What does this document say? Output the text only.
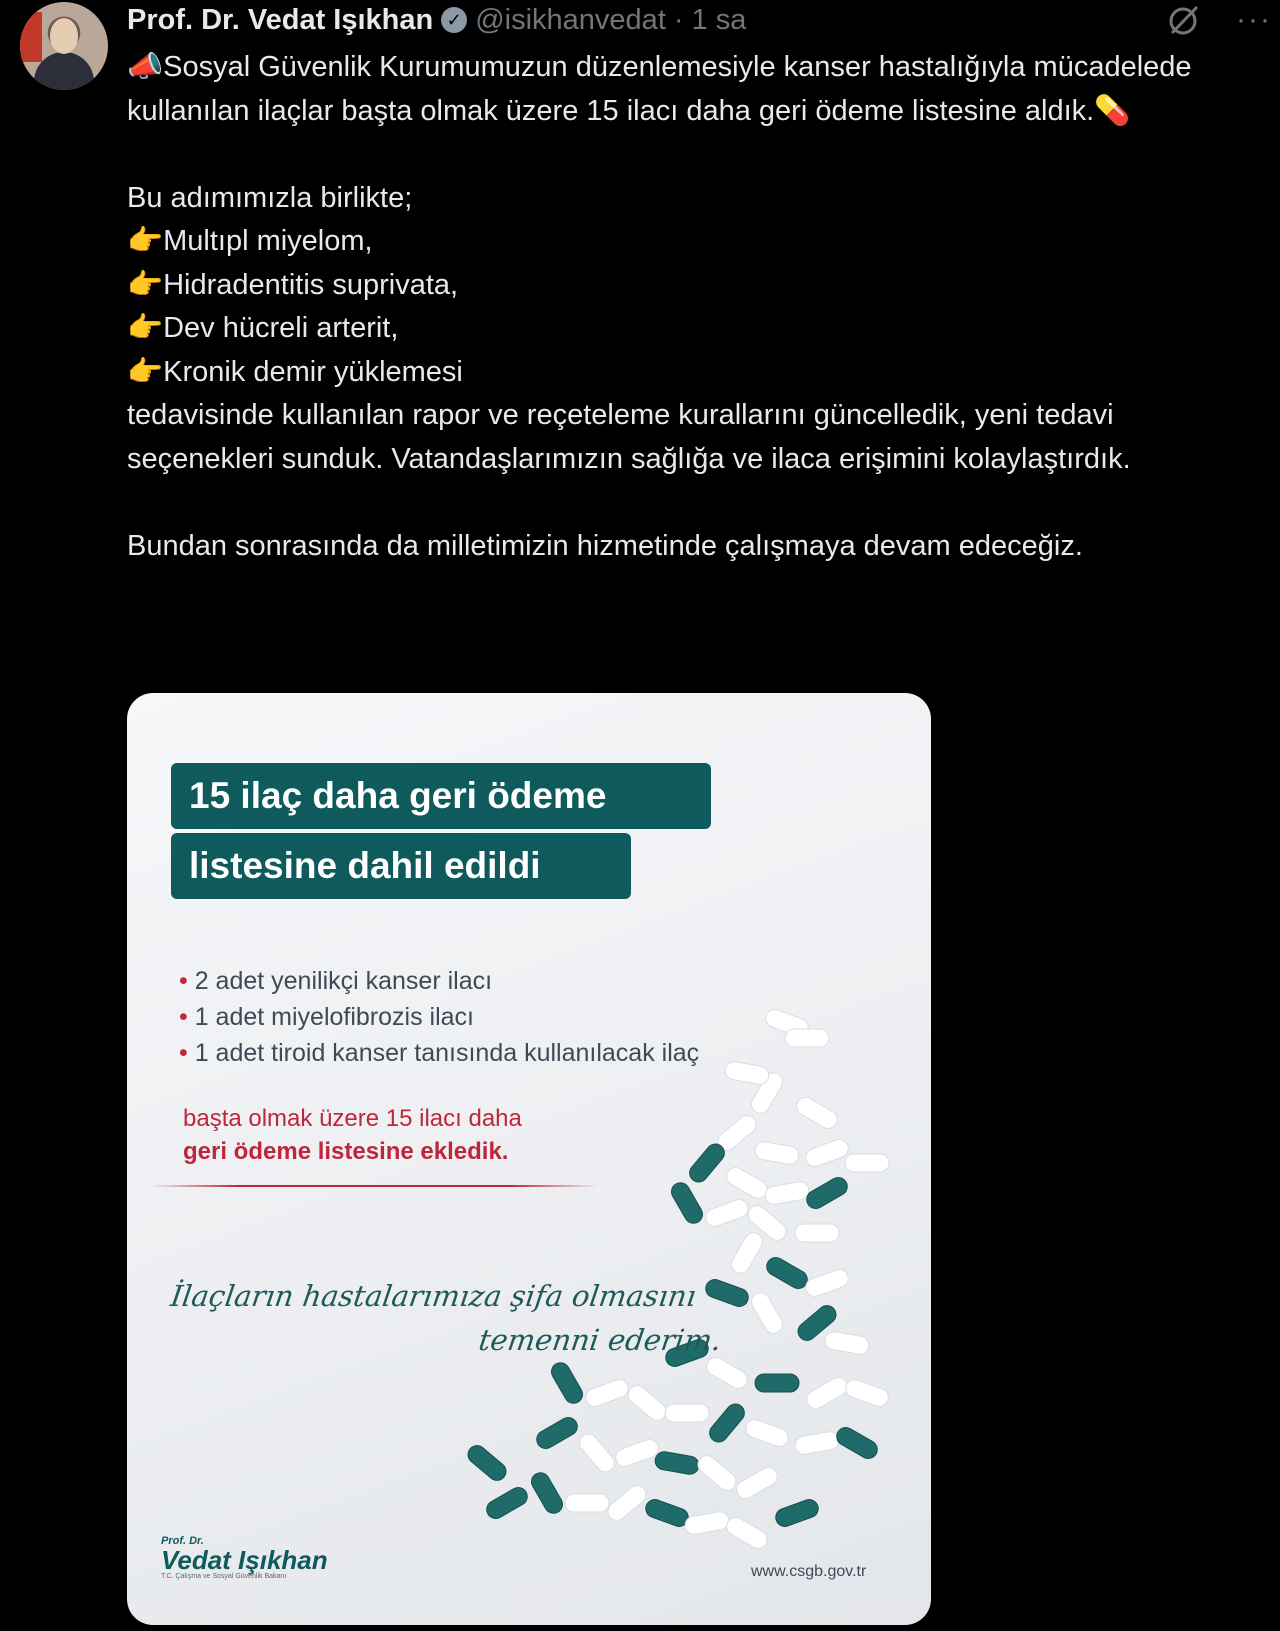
Prof. Dr. Vedat Işıkhan ✓ @isikhanvedat · 1 sa	···
📣Sosyal Güvenlik Kurumumuzun düzenlemesiyle kanser hastalığıyla mücadelede kullanılan ilaçlar başta olmak üzere 15 ilacı daha geri ödeme listesine aldık.💊
Bu adımımızla birlikte;
👉Multıpl miyelom,
👉Hidradentitis suprivata,
👉Dev hücreli arterit,
👉Kronik demir yüklemesi
tedavisinde kullanılan rapor ve reçeteleme kurallarını güncelledik, yeni tedavi seçenekleri sunduk. Vatandaşlarımızın sağlığa ve ilaca erişimini kolaylaştırdık.
Bundan sonrasında da milletimizin hizmetinde çalışmaya devam edeceğiz.
15 ilaç daha geri ödeme
listesine dahil edildi
• 2 adet yenilikçi kanser ilacı
• 1 adet miyelofibrozis ilacı
• 1 adet tiroid kanser tanısında kullanılacak ilaç
başta olmak üzere 15 ilacı daha
geri ödeme listesine ekledik.
İlaçların hastalarımıza şifa olmasını
temenni ederim.
Prof. Dr.
Vedat Işıkhan
T.C. Çalışma ve Sosyal Güvenlik Bakanı	www.csgb.gov.tr
